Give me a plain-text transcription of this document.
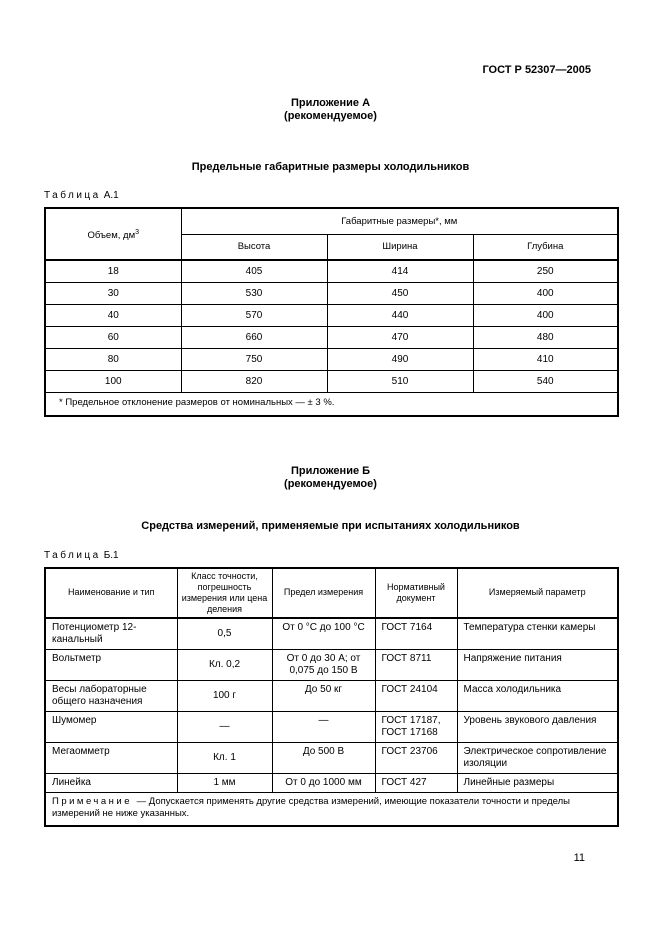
ГОСТ Р 52307—2005
Приложение А
(рекомендуемое)
Предельные габаритные размеры холодильников
Таблица А.1
Объем, $дм^3$	Габаритные размеры*, мм		
	Высота	Ширина	Глубина
18	405	414	250
30	530	450	400
40	570	440	400
60	660	470	480
80	750	490	410
100	820	510	540
* Предельное отклонение размеров от номинальных — ± 3 %.			
Приложение Б
(рекомендуемое)
Средства измерений, применяемые при испытаниях холодильников
Таблица Б.1
Наименование и тип	Класс точности, погрешность измерения или цена деления	Предел измерения	Нормативный документ	Измеряемый параметр
Потенциометр 12-канальный	0,5	От 0 °С до 100 °С	ГОСТ 7164	Температура стенки камеры
Вольтметр	Кл. 0,2	От 0 до 30 А; от 0,075 до 150 В	ГОСТ 8711	Напряжение питания
Весы лабораторные общего назначения	100 г	До 50 кг	ГОСТ 24104	Масса холодильника
Шумомер	—	—	ГОСТ 17187, ГОСТ 17168	Уровень звукового давления
Мегаомметр	Кл. 1	До 500 В	ГОСТ 23706	Электрическое сопротивление изоляции
Линейка	1 мм	От 0 до 1000 мм	ГОСТ 427	Линейные размеры
Примечание — Допускается применять другие средства измерений, имеющие показатели точности и пределы измерений не ниже указанных.				
11
